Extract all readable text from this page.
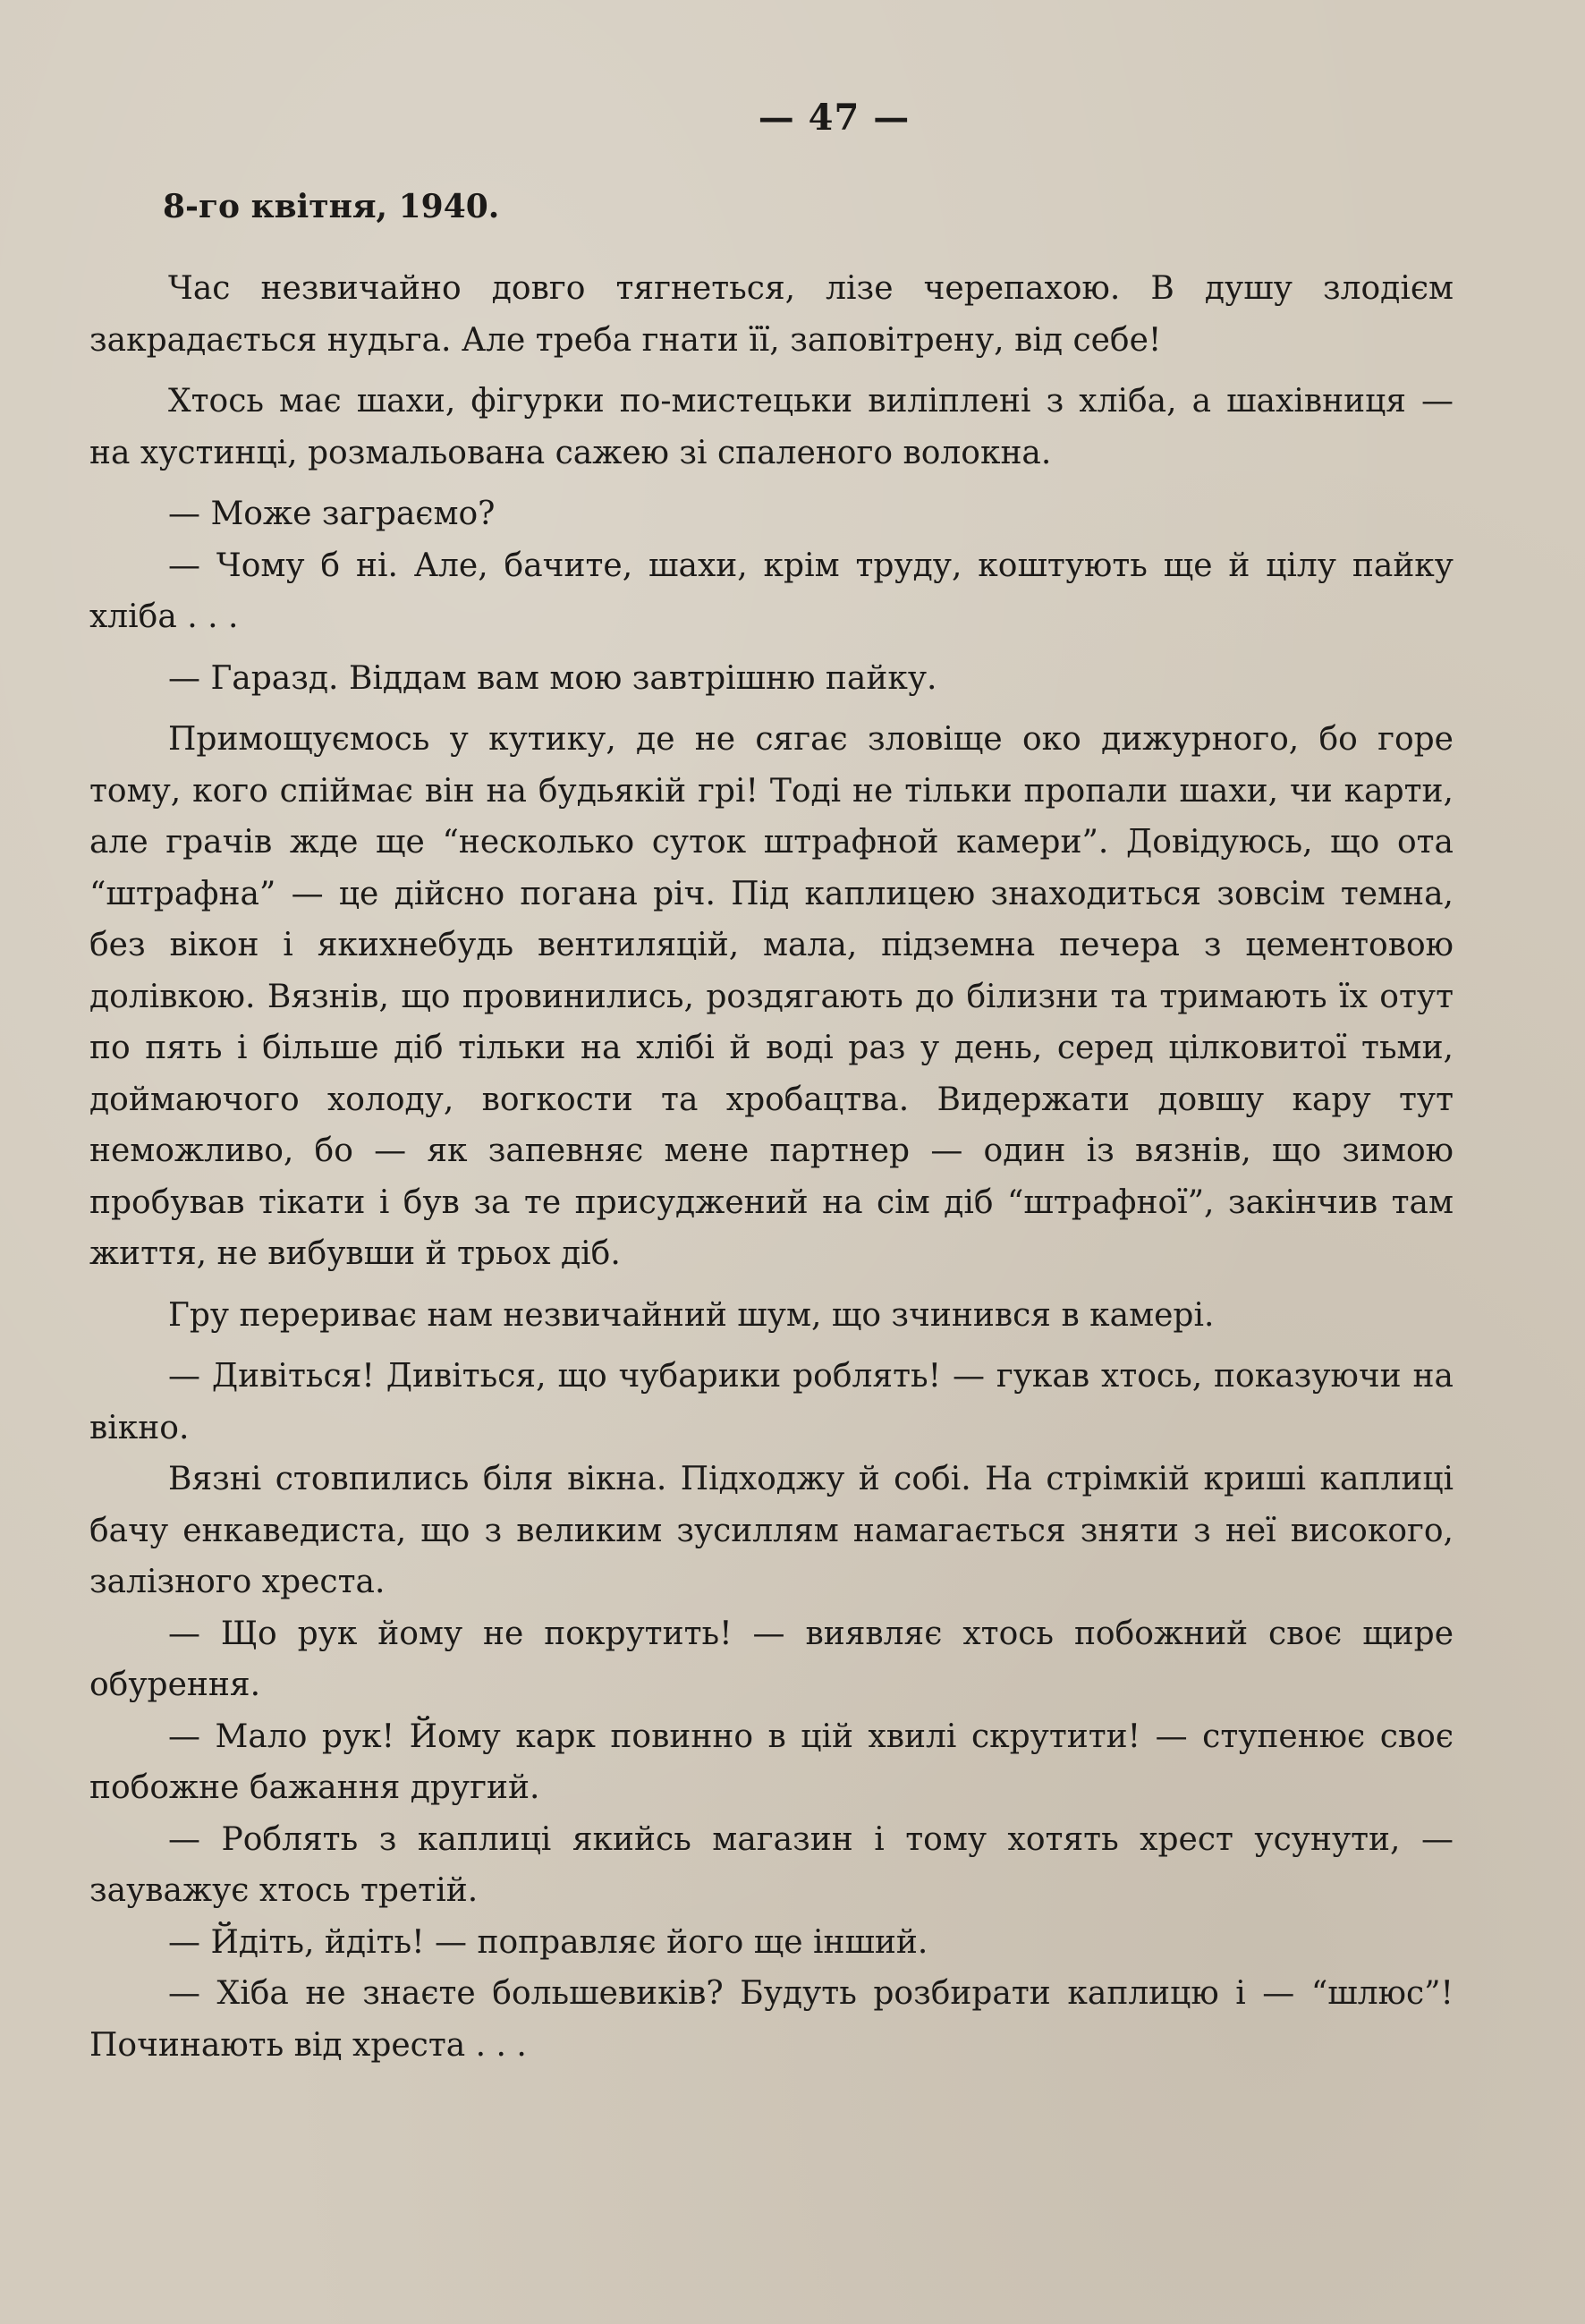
— 47 —
8-го квітня, 1940.

Час незвичайно довго тягнеться, лізе черепахою. В душу злодієм закрадається нудьга. Але треба гнати її, заповітрену, від себе!

Хтось має шахи, фігурки по-мистецьки виліплені з хліба, а шахівниця — на хустинці, розмальована сажею зі спаленого волокна.

— Може заграємо?

— Чому б ні. Але, бачите, шахи, крім труду, коштують ще й цілу пайку хліба . . .

— Гаразд. Віддам вам мою завтрішню пайку.

Примощуємось у кутику, де не сягає зловіще око дижурного, бо горе тому, кого спіймає він на будьякій грі! Тоді не тільки пропали шахи, чи карти, але грачів жде ще “несколько суток штрафной камери”. Довідуюсь, що ота “штрафна” — це дійсно погана річ. Під каплицею знаходиться зовсім темна, без вікон і якихнебудь вентиляцій, мала, підземна печера з цементовою долівкою. Вязнів, що провинились, роздягають до білизни та тримають їх отут по пять і більше діб тільки на хлібі й воді раз у день, серед цілковитої тьми, доймаючого холоду, вогкости та хробацтва. Видержати довшу кару тут неможливо, бо — як запевняє мене партнер — один із вязнів, що зимою пробував тікати і був за те присуджений на сім діб “штрафної”, закінчив там життя, не вибувши й трьох діб.

Гру перериває нам незвичайний шум, що зчинився в камері.

— Дивіться! Дивіться, що чубарики роблять! — гукав хтось, показуючи на вікно.

Вязні стовпились біля вікна. Підходжу й собі. На стрімкій криші каплиці бачу енкаведиста, що з великим зусиллям намагається зняти з неї високого, залізного хреста.

— Що рук йому не покрутить! — виявляє хтось побожний своє щире обурення.

— Мало рук! Йому карк повинно в цій хвилі скрутити! — ступенює своє побожне бажання другий.

— Роблять з каплиці якийсь магазин і тому хотять хрест усунути, — зауважує хтось третій.

— Йдіть, йдіть! — поправляє його ще інший.

— Хіба не знаєте большевиків? Будуть розбирати каплицю і — “шлюс”! Починають від хреста . . .
